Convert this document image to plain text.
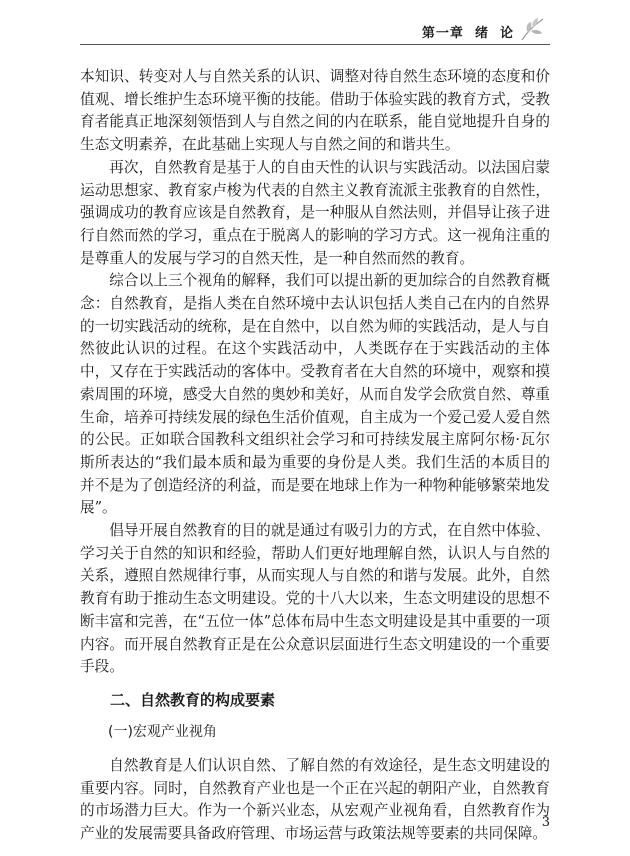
第一章  绪  论

本知识、转变对人与自然关系的认识、调整对待自然生态环境的态度和价值观、增长维护生态环境平衡的技能。借助于体验实践的教育方式，受教育者能真正地深刻领悟到人与自然之间的内在联系，能自觉地提升自身的生态文明素养，在此基础上实现人与自然之间的和谐共生。

再次，自然教育是基于人的自由天性的认识与实践活动。以法国启蒙运动思想家、教育家卢梭为代表的自然主义教育流派主张教育的自然性，强调成功的教育应该是自然教育，是一种服从自然法则，并倡导让孩子进行自然而然的学习，重点在于脱离人的影响的学习方式。这一视角注重的是尊重人的发展与学习的自然天性，是一种自然而然的教育。

综合以上三个视角的解释，我们可以提出新的更加综合的自然教育概念：自然教育，是指人类在自然环境中去认识包括人类自己在内的自然界的一切实践活动的统称，是在自然中，以自然为师的实践活动，是人与自然彼此认识的过程。在这个实践活动中，人类既存在于实践活动的主体中，又存在于实践活动的客体中。受教育者在大自然的环境中，观察和摸索周围的环境，感受大自然的奥妙和美好，从而自发学会欣赏自然、尊重生命，培养可持续发展的绿色生活价值观，自主成为一个爱己爱人爱自然的公民。正如联合国教科文组织社会学习和可持续发展主席阿尔杨·瓦尔斯所表达的“我们最本质和最为重要的身份是人类。我们生活的本质目的并不是为了创造经济的利益，而是要在地球上作为一种物种能够繁荣地发展”。

倡导开展自然教育的目的就是通过有吸引力的方式，在自然中体验、学习关于自然的知识和经验，帮助人们更好地理解自然，认识人与自然的关系，遵照自然规律行事，从而实现人与自然的和谐与发展。此外，自然教育有助于推动生态文明建设。党的十八大以来，生态文明建设的思想不断丰富和完善，在“五位一体”总体布局中生态文明建设是其中重要的一项内容。而开展自然教育正是在公众意识层面进行生态文明建设的一个重要手段。

二、自然教育的构成要素
(一)宏观产业视角

自然教育是人们认识自然、了解自然的有效途径，是生态文明建设的重要内容。同时，自然教育产业也是一个正在兴起的朝阳产业，自然教育的市场潜力巨大。作为一个新兴业态，从宏观产业视角看，自然教育作为产业的发展需要具备政府管理、市场运营与政策法规等要素的共同保障。

3
